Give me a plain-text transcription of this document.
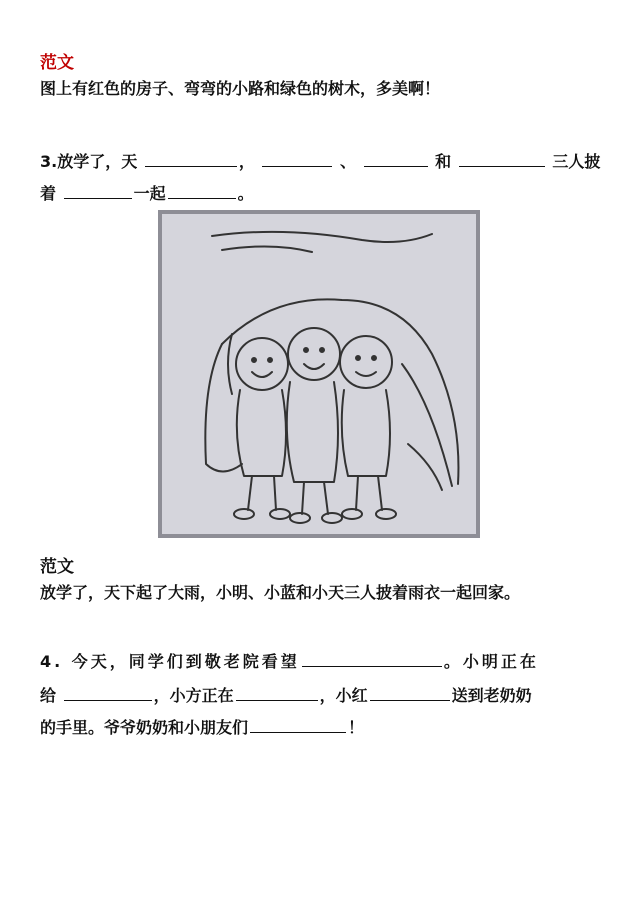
范文
图上有红色的房子、弯弯的小路和绿色的树木，多美啊！
3.放学了，天	，	、	和	三人披
着	一起	。
范文
放学了，天下起了大雨，小明、小蓝和小天三人披着雨衣一起回家。
4. 今天，同学们到敬老院看望	。小明正在
给	，小方正在	，小红	送到老奶奶
的手里。爷爷奶奶和小朋友们	！
